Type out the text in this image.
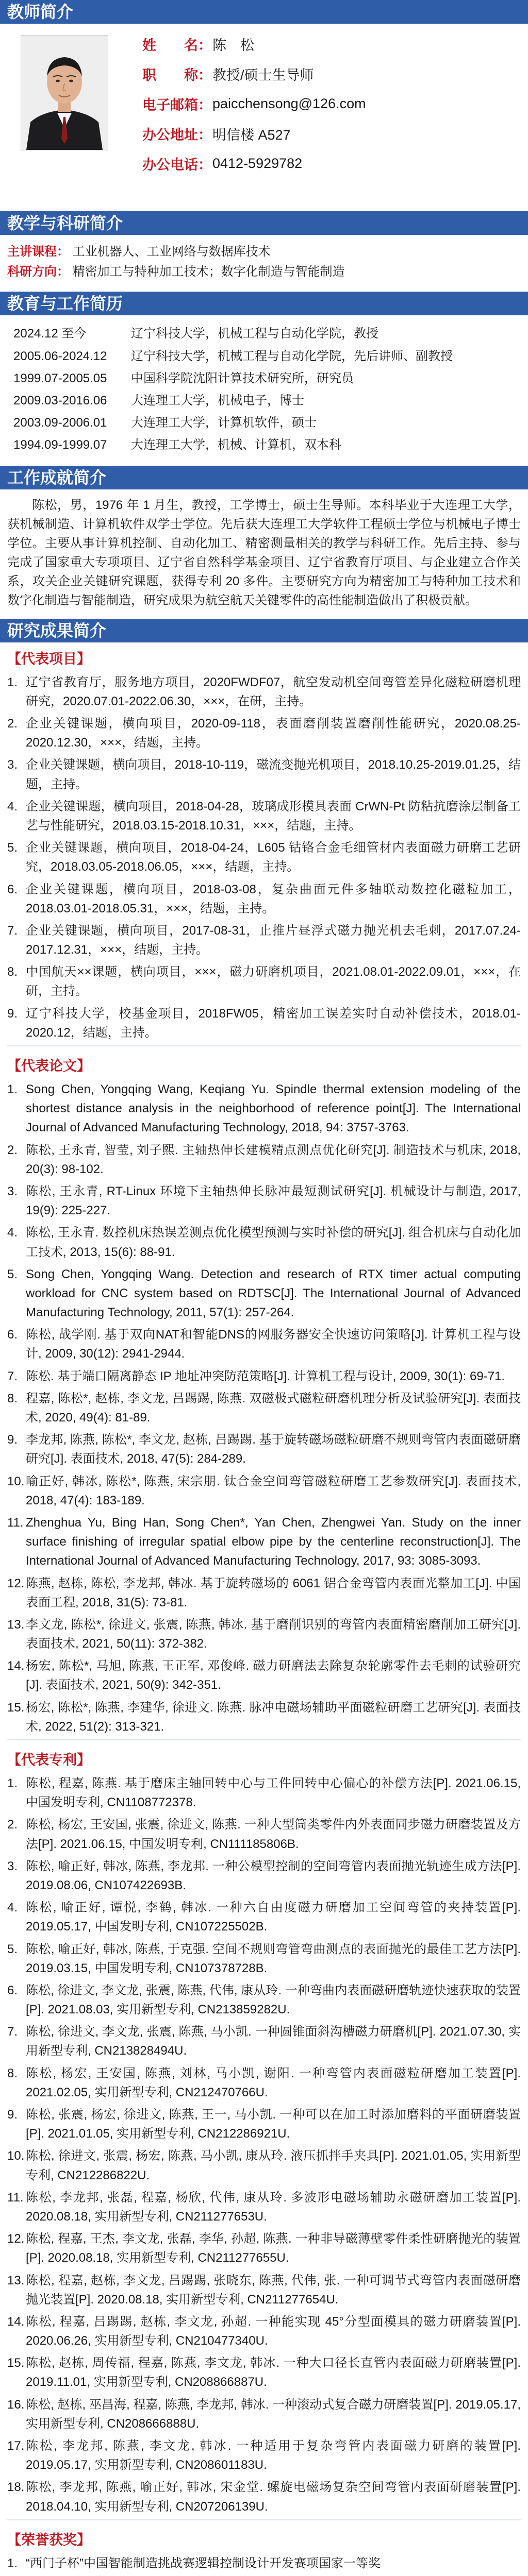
教师简介
姓　　名： 陈　松
职　　称： 教授/硕士生导师
电子邮箱： paicchensong@126.com
办公地址： 明信楼 A527
办公电话： 0412-5929782
教学与科研简介
主讲课程： 工业机器人、工业网络与数据库技术
科研方向： 精密加工与特种加工技术；数字化制造与智能制造
教育与工作简历
2024.12 至今	辽宁科技大学，机械工程与自动化学院，教授
2005.06-2024.12	辽宁科技大学，机械工程与自动化学院，先后讲师、副教授
1999.07-2005.05	中国科学院沈阳计算技术研究所，研究员
2009.03-2016.06	大连理工大学，机械电子，博士
2003.09-2006.01	大连理工大学，计算机软件，硕士
1994.09-1999.07	大连理工大学，机械、计算机，双本科
工作成就简介
陈松，男，1976 年 1 月生，教授，工学博士，硕士生导师。本科毕业于大连理工大学，获机械制造、计算机软件双学士学位。先后获大连理工大学软件工程硕士学位与机械电子博士学位。主要从事计算机控制、自动化加工、精密测量相关的教学与科研工作。先后主持、参与完成了国家重大专项项目、辽宁省自然科学基金项目、辽宁省教育厅项目、与企业建立合作关系，攻关企业关键研究课题，获得专利 20 多件。主要研究方向为精密加工与特种加工技术和数字化制造与智能制造，研究成果为航空航天关键零件的高性能制造做出了积极贡献。
研究成果简介
【代表项目】
1. 辽宁省教育厅，服务地方项目，2020FWDF07，航空发动机空间弯管差异化磁粒研磨机理研究，2020.07.01-2022.06.30，×××，在研，主持。
2. 企业关键课题，横向项目，2020-09-118，表面磨削装置磨削性能研究，2020.08.25-2020.12.30，×××，结题，主持。
3. 企业关键课题，横向项目，2018-10-119，磁流变抛光机项目，2018.10.25-2019.01.25，结题，主持。
4. 企业关键课题，横向项目，2018-04-28，玻璃成形模具表面 CrWN-Pt 防粘抗磨涂层制备工艺与性能研究，2018.03.15-2018.10.31，×××，结题，主持。
5. 企业关键课题，横向项目，2018-04-24，L605 钴铬合金毛细管材内表面磁力研磨工艺研究，2018.03.05-2018.06.05，×××，结题，主持。
6. 企业关键课题，横向项目，2018-03-08，复杂曲面元件多轴联动数控化磁粒加工，2018.03.01-2018.05.31，×××，结题，主持。
7. 企业关键课题，横向项目，2017-08-31，止推片昼浮式磁力抛光机去毛刺，2017.07.24-2017.12.31，×××，结题，主持。
8. 中国航天××课题，横向项目，×××，磁力研磨机项目，2021.08.01-2022.09.01，×××，在研，主持。
9. 辽宁科技大学，校基金项目，2018FW05，精密加工误差实时自动补偿技术，2018.01-2020.12，结题，主持。
【代表论文】
1. Song Chen, Yongqing Wang, Keqiang Yu. Spindle thermal extension modeling of the shortest distance analysis in the neighborhood of reference point[J]. The International Journal of Advanced Manufacturing Technology, 2018, 94: 3757-3763.
2. 陈松, 王永青, 智莹, 刘子熙. 主轴热伸长建模精点测点优化研究[J]. 制造技术与机床, 2018, 20(3): 98-102.
3. 陈松, 王永青, RT-Linux 环境下主轴热伸长脉冲最短测试研究[J]. 机械设计与制造, 2017, 19(9): 225-227.
4. 陈松, 王永青. 数控机床热误差测点优化模型预测与实时补偿的研究[J]. 组合机床与自动化加工技术, 2013, 15(6): 88-91.
5. Song Chen, Yongqing Wang. Detection and research of RTX timer actual computing workload for CNC system based on RDTSC[J]. The International Journal of Advanced Manufacturing Technology, 2011, 57(1): 257-264.
6. 陈松, 战学刚. 基于双向NAT和智能DNS的网服务器安全快速访问策略[J]. 计算机工程与设计, 2009, 30(12): 2941-2944.
7. 陈松. 基于端口隔离静态 IP 地址冲突防范策略[J]. 计算机工程与设计, 2009, 30(1): 69-71.
8. 程嘉, 陈松*, 赵栋, 李文龙, 吕踢踢, 陈燕. 双磁极式磁粒研磨机理分析及试验研究[J]. 表面技术, 2020, 49(4): 81-89.
9. 李龙邦, 陈燕, 陈松*, 李文龙, 赵栋, 吕踢踢. 基于旋转磁场磁粒研磨不规则弯管内表面磁研磨研究[J]. 表面技术, 2018, 47(5): 284-289.
10. 喻正好, 韩冰, 陈松*, 陈燕, 宋宗朋. 钛合金空间弯管磁粒研磨工艺参数研究[J]. 表面技术, 2018, 47(4): 183-189.
11. Zhenghua Yu, Bing Han, Song Chen*, Yan Chen, Zhengwei Yan. Study on the inner surface finishing of irregular spatial elbow pipe by the centerline reconstruction[J]. The International Journal of Advanced Manufacturing Technology, 2017, 93: 3085-3093.
12. 陈燕, 赵栋, 陈松, 李龙邦, 韩冰. 基于旋转磁场的 6061 铝合金弯管内表面光整加工[J]. 中国表面工程, 2018, 31(5): 73-81.
13. 李文龙, 陈松*, 徐进文, 张震, 陈燕, 韩冰. 基于磨削识别的弯管内表面精密磨削加工研究[J]. 表面技术, 2021, 50(11): 372-382.
14. 杨宏, 陈松*, 马旭, 陈燕, 王正军, 邓俊峰. 磁力研磨法去除复杂轮廓零件去毛刺的试验研究[J]. 表面技术, 2021, 50(9): 342-351.
15. 杨宏, 陈松*, 陈燕, 李建华, 徐进文. 陈燕. 脉冲电磁场辅助平面磁粒研磨工艺研究[J]. 表面技术, 2022, 51(2): 313-321.
【代表专利】
1. 陈松, 程嘉, 陈燕. 基于磨床主轴回转中心与工件回转中心偏心的补偿方法[P]. 2021.06.15, 中国发明专利, CN1108772378.
2. 陈松, 杨宏, 王安国, 张震, 徐进文, 陈燕. 一种大型筒类零件内外表面同步磁力研磨装置及方法[P]. 2021.06.15, 中国发明专利, CN111185806B.
3. 陈松, 喻正好, 韩冰, 陈燕, 李龙邦. 一种公模型控制的空间弯管内表面抛光轨迹生成方法[P]. 2019.08.06, CN107422693B.
4. 陈松, 喻正好, 谭悦, 李鹤, 韩冰. 一种六自由度磁力研磨加工空间弯管的夹持装置[P]. 2019.05.17, 中国发明专利, CN107225502B.
5. 陈松, 喻正好, 韩冰, 陈燕, 于克强. 空间不规则弯管弯曲测点的表面抛光的最佳工艺方法[P]. 2019.03.15, 中国发明专利, CN107378728B.
6. 陈松, 徐进文, 李文龙, 张震, 陈燕, 代伟, 康从玲. 一种弯曲内表面磁研磨轨迹快速获取的装置[P]. 2021.08.03, 实用新型专利, CN213859282U.
7. 陈松, 徐进文, 李文龙, 张震, 陈燕, 马小凯. 一种圆锥面斜沟槽磁力研磨机[P]. 2021.07.30, 实用新型专利, CN213828494U.
8. 陈松, 杨宏, 王安国, 陈燕, 刘林, 马小凯, 谢阳. 一种弯管内表面磁粒研磨加工装置[P]. 2021.02.05, 实用新型专利, CN212470766U.
9. 陈松, 张震, 杨宏, 徐进文, 陈燕, 王一, 马小凯. 一种可以在加工时添加磨料的平面研磨装置[P]. 2021.01.05, 实用新型专利, CN212286921U.
10. 陈松, 徐进文, 张震, 杨宏, 陈燕, 马小凯, 康从玲. 液压抓拌手夹具[P]. 2021.01.05, 实用新型专利, CN212286822U.
11. 陈松, 李龙邦, 张磊, 程嘉, 杨欣, 代伟, 康从玲. 多波形电磁场辅助永磁研磨加工装置[P]. 2020.08.18, 实用新型专利, CN211277653U.
12. 陈松, 程嘉, 王杰, 李文龙, 张磊, 李华, 孙超, 陈燕. 一种非导磁薄壁零件柔性研磨抛光的装置[P]. 2020.08.18, 实用新型专利, CN211277655U.
13. 陈松, 程嘉, 赵栋, 李文龙, 吕踢踢, 张晓东, 陈燕, 代伟, 张. 一种可调节式弯管内表面磁研磨抛光装置[P]. 2020.08.18, 实用新型专利, CN211277654U.
14. 陈松, 程嘉, 吕踢踢, 赵栋, 李文龙, 孙超. 一种能实现 45°分型面模具的磁力研磨装置[P]. 2020.06.26, 实用新型专利, CN210477340U.
15. 陈松, 赵栋, 周传福, 程嘉, 陈燕, 李文龙, 韩冰. 一种大口径长直管内表面磁力研磨装置[P]. 2019.11.01, 实用新型专利, CN208866887U.
16. 陈松, 赵栋, 巫昌海, 程嘉, 陈燕, 李龙邦, 韩冰. 一种滚动式复合磁力研磨装置[P]. 2019.05.17, 实用新型专利, CN208666888U.
17. 陈松, 李龙邦, 陈燕, 李文龙, 韩冰. 一种适用于复杂弯管内表面磁力研磨的装置[P]. 2019.05.17, 实用新型专利, CN208601183U.
18. 陈松, 李龙邦, 陈燕, 喻正好, 韩冰, 宋金堂. 螺旋电磁场复杂空间弯管内表面研磨装置[P]. 2018.04.10, 实用新型专利, CN207206139U.
【荣誉获奖】
1. “西门子杯”中国智能制造挑战赛逻辑控制设计开发赛项国家一等奖
